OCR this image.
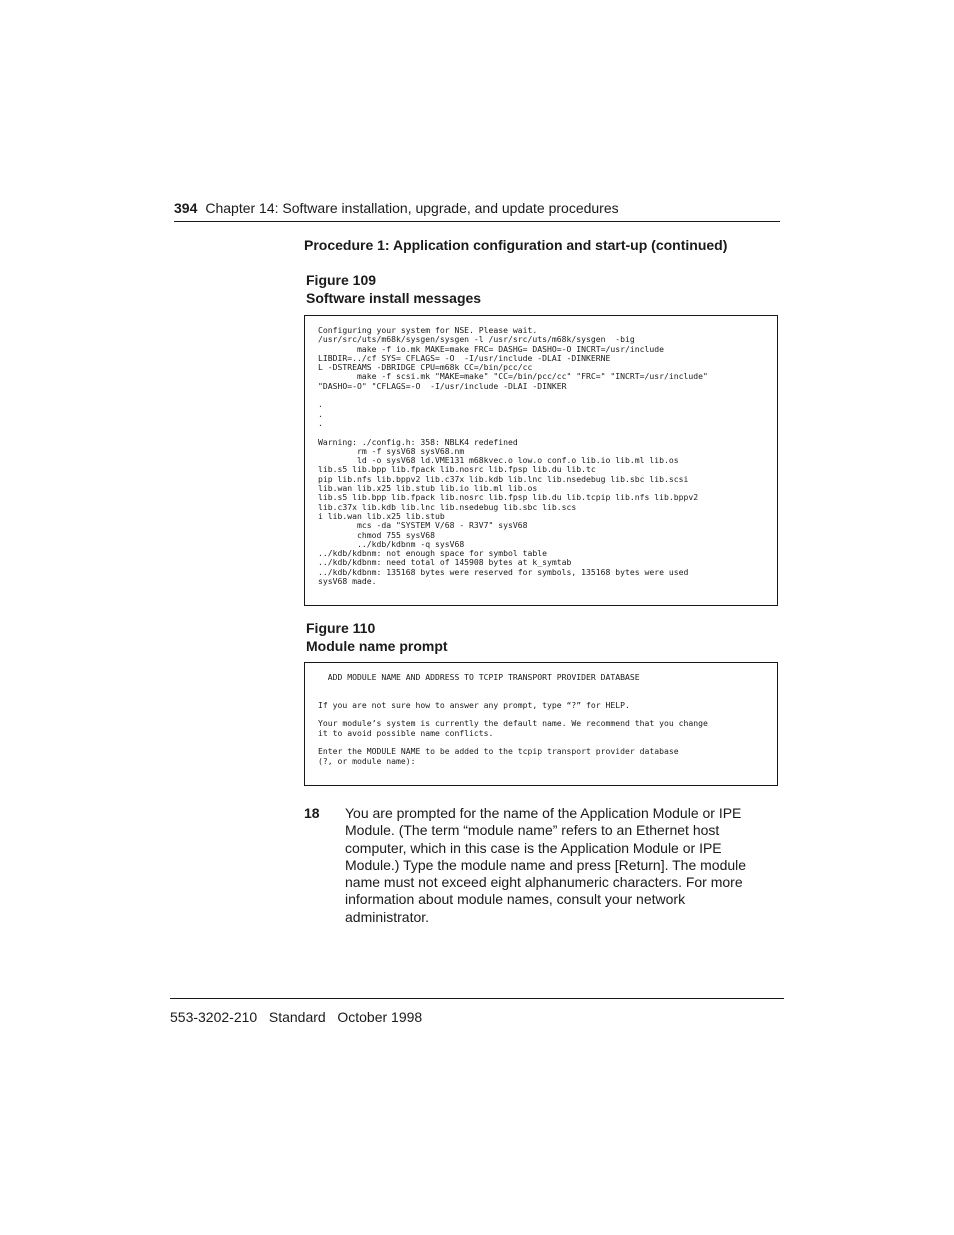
394 Chapter 14: Software installation, upgrade, and update procedures
Procedure 1: Application configuration and start-up (continued)
Figure 109
Software install messages
Configuring your system for NSE. Please wait.
/usr/src/uts/m68k/sysgen/sysgen -l /usr/src/uts/m68k/sysgen  -big
make -f io.mk MAKE=make FRC= DASHG= DASHO=-O INCRT=/usr/include
LIBDIR=../cf SYS= CFLAGS= -O  -I/usr/include -DLAI -DINKERNE
L -DSTREAMS -DBRIDGE CPU=m68k CC=/bin/pcc/cc
make -f scsi.mk "MAKE=make" "CC=/bin/pcc/cc" "FRC=" "INCRT=/usr/include"
"DASHO=-O" "CFLAGS=-O  -I/usr/include -DLAI -DINKER

.
.
.

Warning: ./config.h: 358: NBLK4 redefined
rm -f sysV68 sysV68.nm
ld -o sysV68 ld.VME131 m68kvec.o low.o conf.o lib.io lib.ml lib.os
lib.s5 lib.bpp lib.fpack lib.nosrc lib.fpsp lib.du lib.tc
pip lib.nfs lib.bppv2 lib.c37x lib.kdb lib.lnc lib.nsedebug lib.sbc lib.scsi
lib.wan lib.x25 lib.stub lib.io lib.ml lib.os
lib.s5 lib.bpp lib.fpack lib.nosrc lib.fpsp lib.du lib.tcpip lib.nfs lib.bppv2
lib.c37x lib.kdb lib.lnc lib.nsedebug lib.sbc lib.scs
i lib.wan lib.x25 lib.stub
mcs -da "SYSTEM V/68 - R3V7" sysV68
chmod 755 sysV68
../kdb/kdbnm -q sysV68
../kdb/kdbnm: not enough space for symbol table
../kdb/kdbnm: need total of 145908 bytes at k_symtab
../kdb/kdbnm: 135168 bytes were reserved for symbols, 135168 bytes were used
sysV68 made.
Figure 110
Module name prompt
ADD MODULE NAME AND ADDRESS TO TCPIP TRANSPORT PROVIDER DATABASE

If you are not sure how to answer any prompt, type “?” for HELP.

Your module’s system is currently the default name. We recommend that you change
it to avoid possible name conflicts.

Enter the MODULE NAME to be added to the tcpip transport provider database
(?, or module name):
18 You are prompted for the name of the Application Module or IPE Module. (The term “module name” refers to an Ethernet host computer, which in this case is the Application Module or IPE Module.) Type the module name and press [Return]. The module name must not exceed eight alphanumeric characters. For more information about module names, consult your network administrator.
553-3202-210 Standard October 1998
